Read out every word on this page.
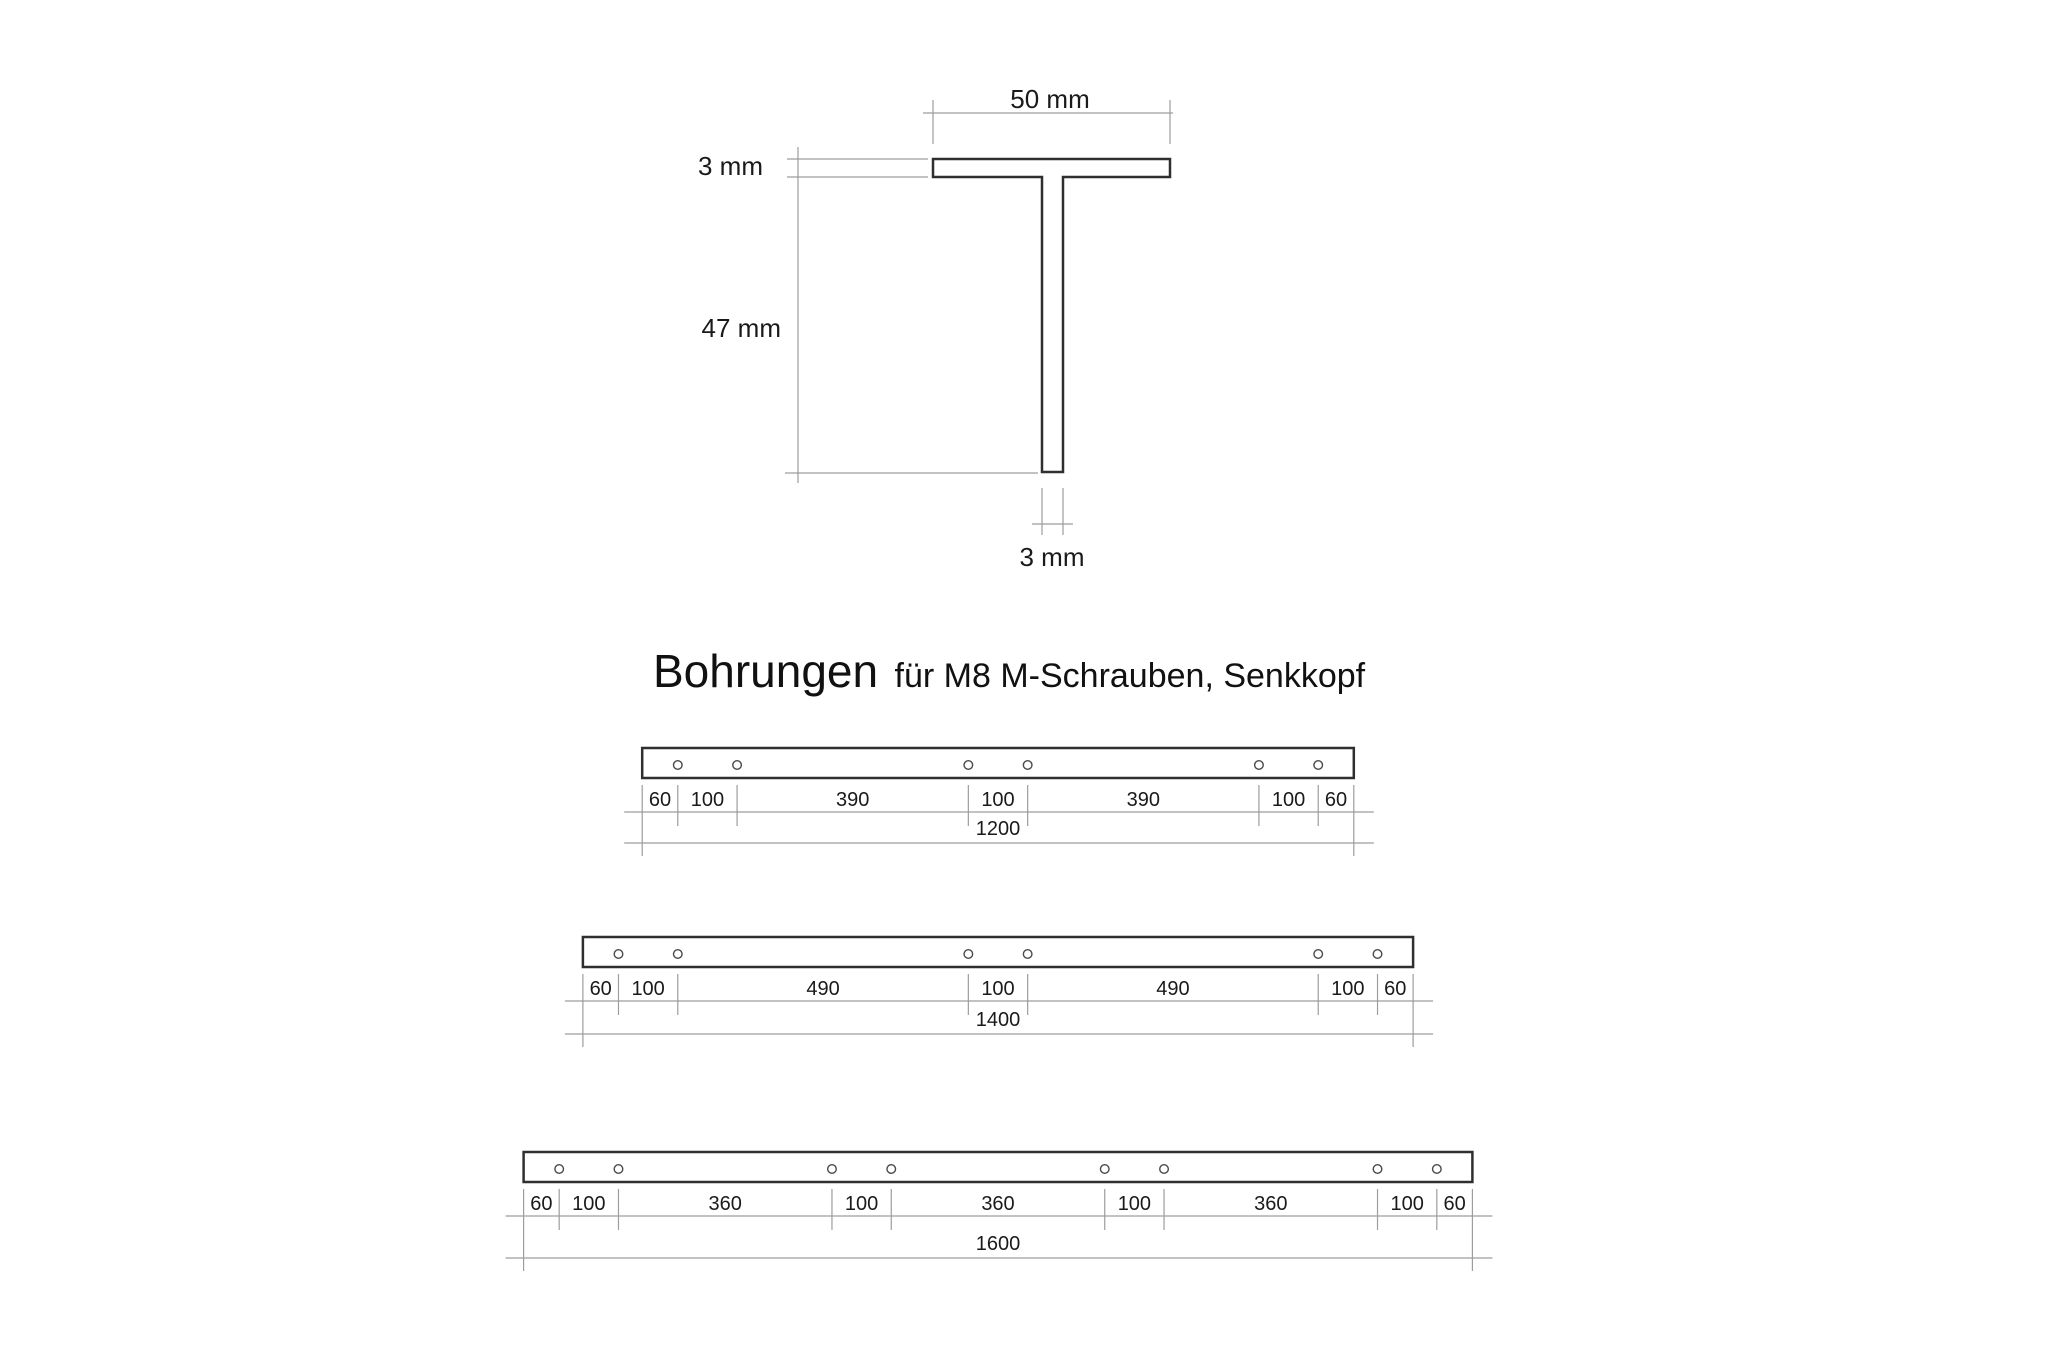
50 mm
3 mm
47 mm
3 mm
Bohrungen für M8 M-Schrauben, Senkkopf
60 100	390	100	390	100 60
1200
60 100	490	100	490	100 60
1400
60 100	360	100	360	100	360	100 60
1600
